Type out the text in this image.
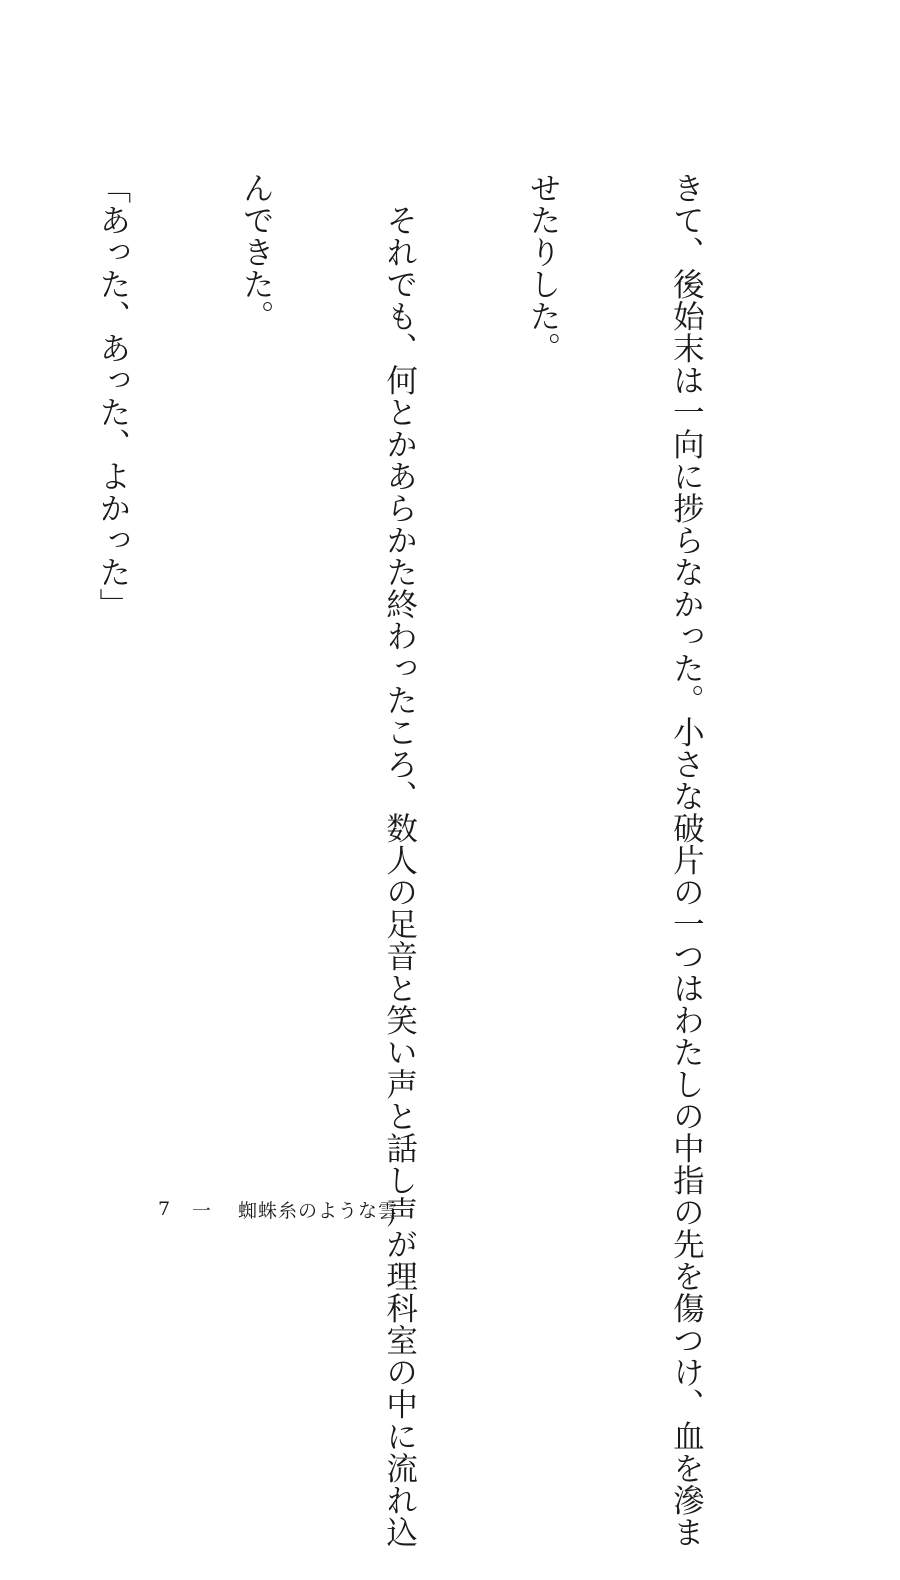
きて、後始末は一向に捗らなかった。小さな破片の一つはわたしの中指の先を傷つけ、血を滲ま

せたりした。

　それでも、何とかあらかた終わったころ、数人の足音と笑い声と話し声が理科室の中に流れ込

んできた。

「あった、あった、よかった」

7	一	蜘蛛糸のような雲
